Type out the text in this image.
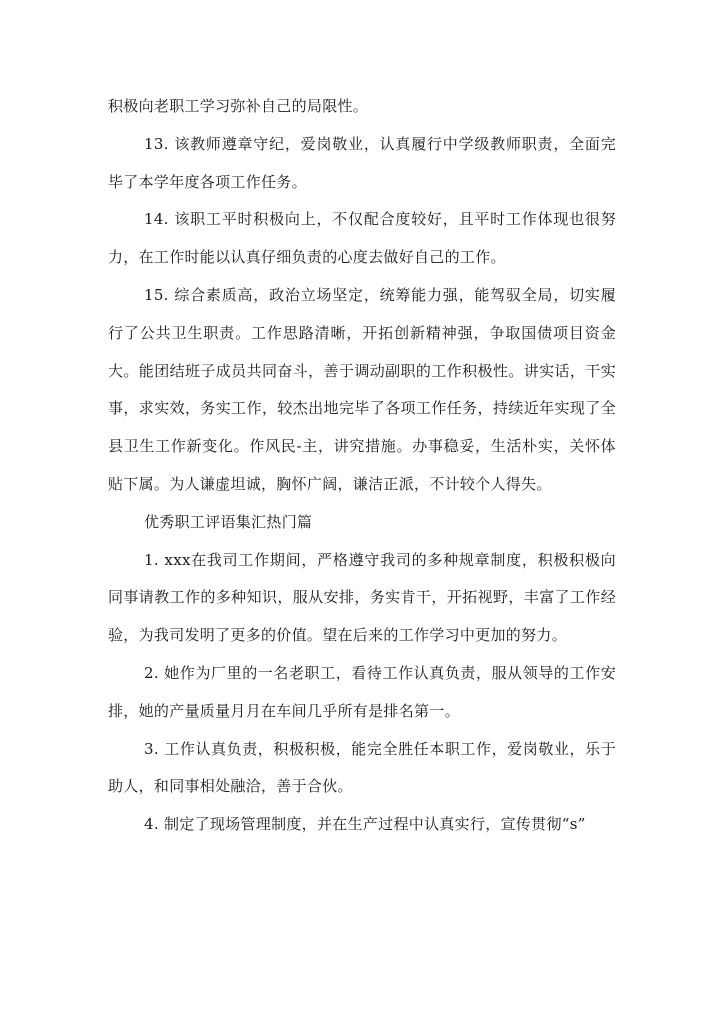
积极向老职工学习弥补自己的局限性。

13. 该教师遵章守纪，爱岗敬业，认真履行中学级教师职责，全面完毕了本学年度各项工作任务。

14. 该职工平时积极向上，不仅配合度较好，且平时工作体现也很努力，在工作时能以认真仔细负责的心度去做好自己的工作。

15. 综合素质高，政治立场坚定，统筹能力强，能驾驭全局，切实履行了公共卫生职责。工作思路清晰，开拓创新精神强，争取国债项目资金大。能团结班子成员共同奋斗，善于调动副职的工作积极性。讲实话，干实事，求实效，务实工作，较杰出地完毕了各项工作任务，持续近年实现了全县卫生工作新变化。作风民-主，讲究措施。办事稳妥，生活朴实，关怀体贴下属。为人谦虚坦诚，胸怀广阔，谦洁正派，不计较个人得失。

优秀职工评语集汇热门篇

1. xxx在我司工作期间，严格遵守我司的多种规章制度，积极积极向同事请教工作的多种知识，服从安排，务实肯干，开拓视野，丰富了工作经验，为我司发明了更多的价值。望在后来的工作学习中更加的努力。

2. 她作为厂里的一名老职工，看待工作认真负责，服从领导的工作安排，她的产量质量月月在车间几乎所有是排名第一。

3. 工作认真负责，积极积极，能完全胜任本职工作，爱岗敬业，乐于助人，和同事相处融洽，善于合伙。

4. 制定了现场管理制度，并在生产过程中认真实行，宣传贯彻“s”
